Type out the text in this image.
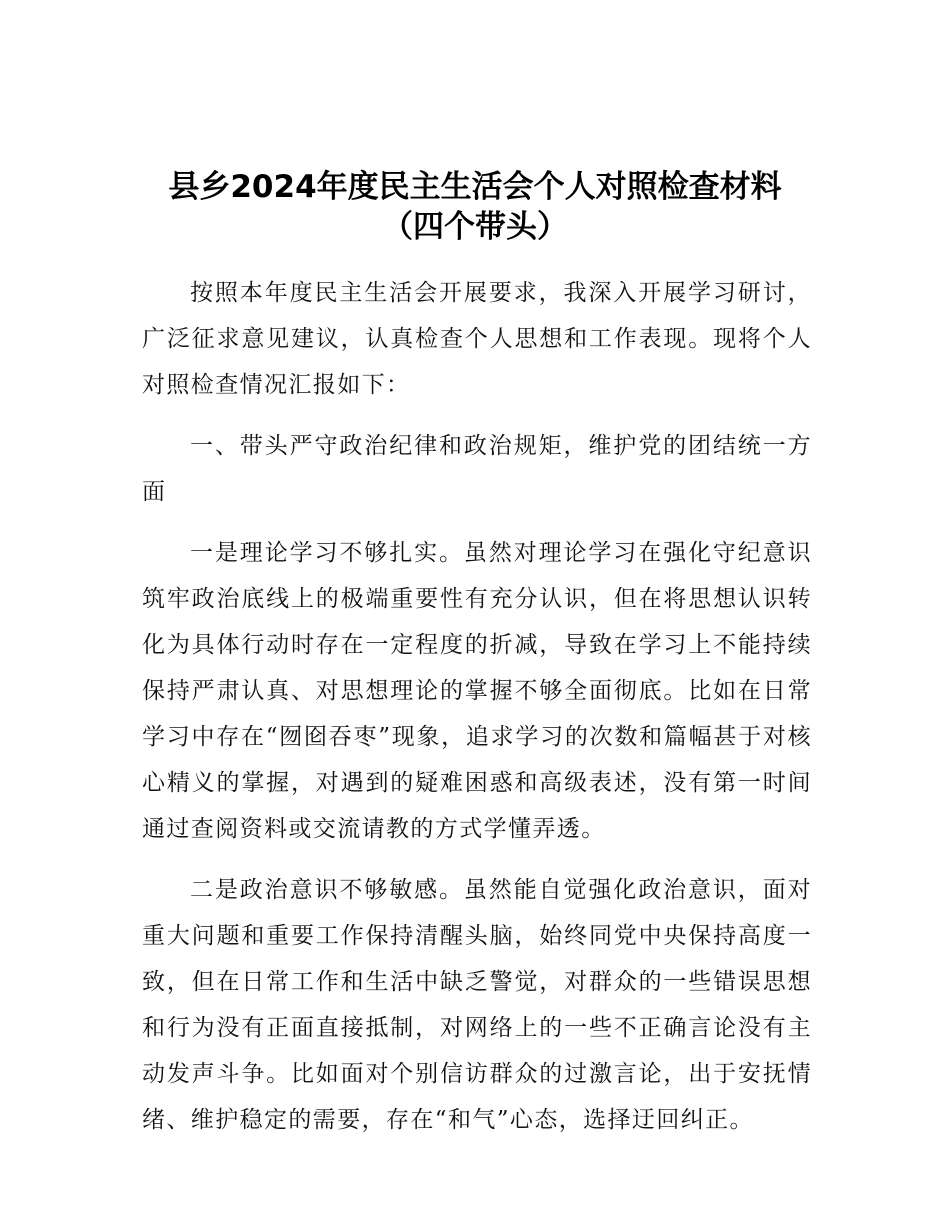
县乡2024年度民主生活会个人对照检查材料
（四个带头）

按照本年度民主生活会开展要求，我深入开展学习研讨，广泛征求意见建议，认真检查个人思想和工作表现。现将个人对照检查情况汇报如下：

一、带头严守政治纪律和政治规矩，维护党的团结统一方面

一是理论学习不够扎实。虽然对理论学习在强化守纪意识筑牢政治底线上的极端重要性有充分认识，但在将思想认识转化为具体行动时存在一定程度的折减，导致在学习上不能持续保持严肃认真、对思想理论的掌握不够全面彻底。比如在日常学习中存在“囫囵吞枣”现象，追求学习的次数和篇幅甚于对核心精义的掌握，对遇到的疑难困惑和高级表述，没有第一时间通过查阅资料或交流请教的方式学懂弄透。

二是政治意识不够敏感。虽然能自觉强化政治意识，面对重大问题和重要工作保持清醒头脑，始终同党中央保持高度一致，但在日常工作和生活中缺乏警觉，对群众的一些错误思想和行为没有正面直接抵制，对网络上的一些不正确言论没有主动发声斗争。比如面对个别信访群众的过激言论，出于安抚情绪、维护稳定的需要，存在“和气”心态，选择迂回纠正。
